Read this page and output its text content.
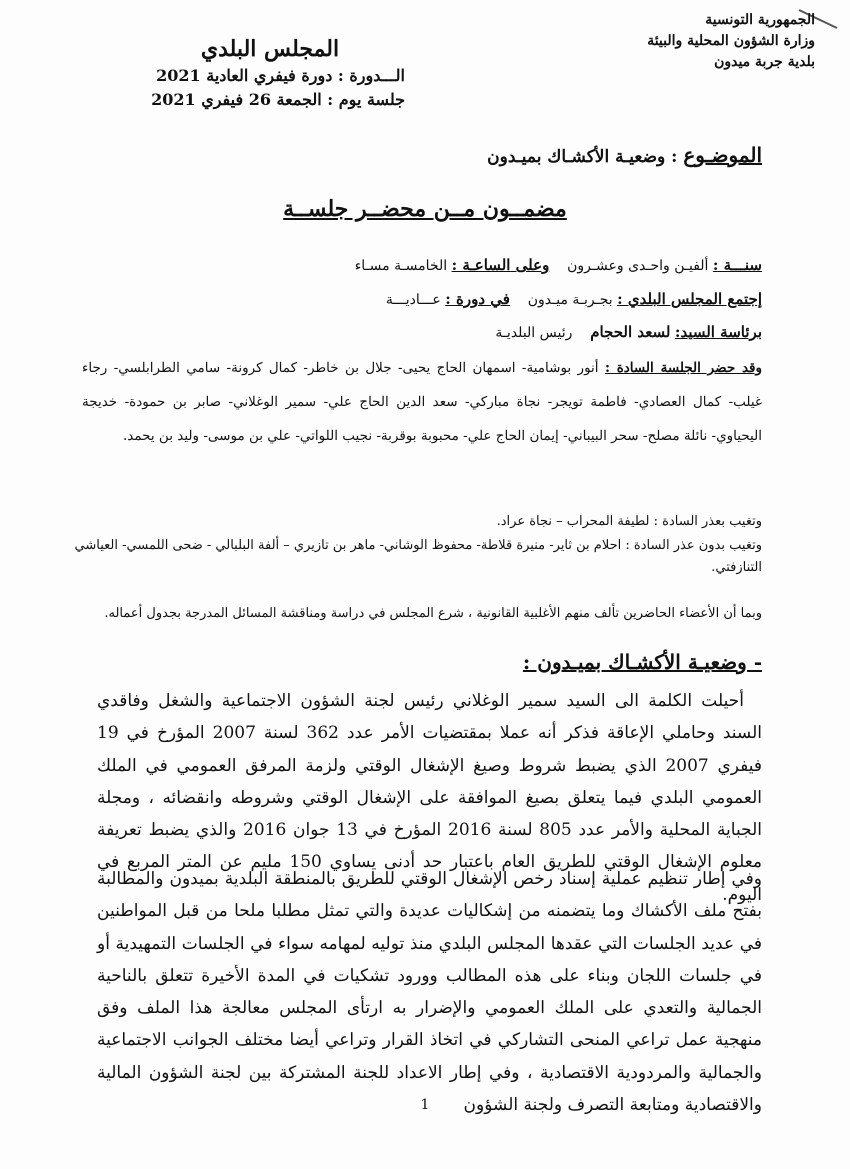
الجمهورية التونسية
وزارة الشؤون المحلية والبيئة
بلدية جربة ميدون
المجلس البلدي
الـــدورة : دورة فيفري العادية 2021
جلسة يوم : الجمعة 26 فيفري 2021
الموضـوع : وضعيـة الأكشـاك بميـدون
مضمــون مــن محضــر جلســة
سنـــة : ألفيـن واحـدى وعشـرون    وعلى الساعـة : الخامسـة مسـاء
إجتمع المجلس البلدي : بجـربـة ميـدون    في دورة : عـــاديـــة
برئاسة السيد: لسعد الحجام    رئيس البلديـة
وقد حضر الجلسة السادة : أنور بوشامية- اسمهان الحاج يحيى- جلال بن خاطر- كمال كرونة- سامي الطرابلسي- رجاء غيلب- كمال العصادي- فاطمة تويجر- نجاة مباركي- سعد الدين الحاج علي- سمير الوغلاني- صابر بن حمودة- خديجة اليحياوي- نائلة مصلح- سحر البيباني- إيمان الحاج علي- محبوبة بوقربة- نجيب اللواتي- علي بن موسى- وليد بن يحمد.
وتغيب بعذر السادة : لطيفة المحراب – نجاة عراد.
وتغيب بدون عذر السادة : احلام بن ثاير- منيرة قلاطة- محفوظ الوشاني- ماهر بن تازيري – ألفة البلبالي - ضحى اللمسي- العياشي التنازفتي.
وبما أن الأعضاء الحاضرين تألف منهم الأغلبية القانونية ، شرع المجلس في دراسة ومناقشة المسائل المدرجة بجدول أعماله.
- وضعيـة الأكشـاك بميـدون :
أحيلت الكلمة الى السيد سمير الوغلاني رئيس لجنة الشؤون الاجتماعية والشغل وفاقدي السند وحاملي الإعاقة فذكر أنه عملا بمقتضيات الأمر عدد 362 لسنة 2007 المؤرخ في 19 فيفري 2007 الذي يضبط شروط وصيغ الإشغال الوقتي ولزمة المرفق العمومي في الملك العمومي البلدي فيما يتعلق بصيغ الموافقة على الإشغال الوقتي وشروطه وانقضائه ، ومجلة الجباية المحلية والأمر عدد 805 لسنة 2016 المؤرخ في 13 جوان 2016 والذي يضبط تعريفة معلوم الإشغال الوقتي للطريق العام باعتبار حد أدنى يساوي 150 مليم عن المتر المربع في اليوم.
وفي إطار تنظيم عملية إسناد رخص الإشغال الوقتي للطريق بالمنطقة البلدية بميدون والمطالبة بفتح ملف الأكشاك وما يتضمنه من إشكاليات عديدة والتي تمثل مطلبا ملحا من قبل المواطنين في عديد الجلسات التي عقدها المجلس البلدي منذ توليه لمهامه سواء في الجلسات التمهيدية أو في جلسات اللجان وبناء على هذه المطالب وورود تشكيات في المدة الأخيرة تتعلق بالناحية الجمالية والتعدي على الملك العمومي والإضرار به ارتأى المجلس معالجة هذا الملف وفق منهجية عمل تراعي المنحى التشاركي في اتخاذ القرار وتراعي أيضا مختلف الجوانب الاجتماعية والجمالية والمردودية الاقتصادية ، وفي إطار الاعداد للجنة المشتركة بين لجنة الشؤون المالية والاقتصادية ومتابعة التصرف ولجنة الشؤون
1
